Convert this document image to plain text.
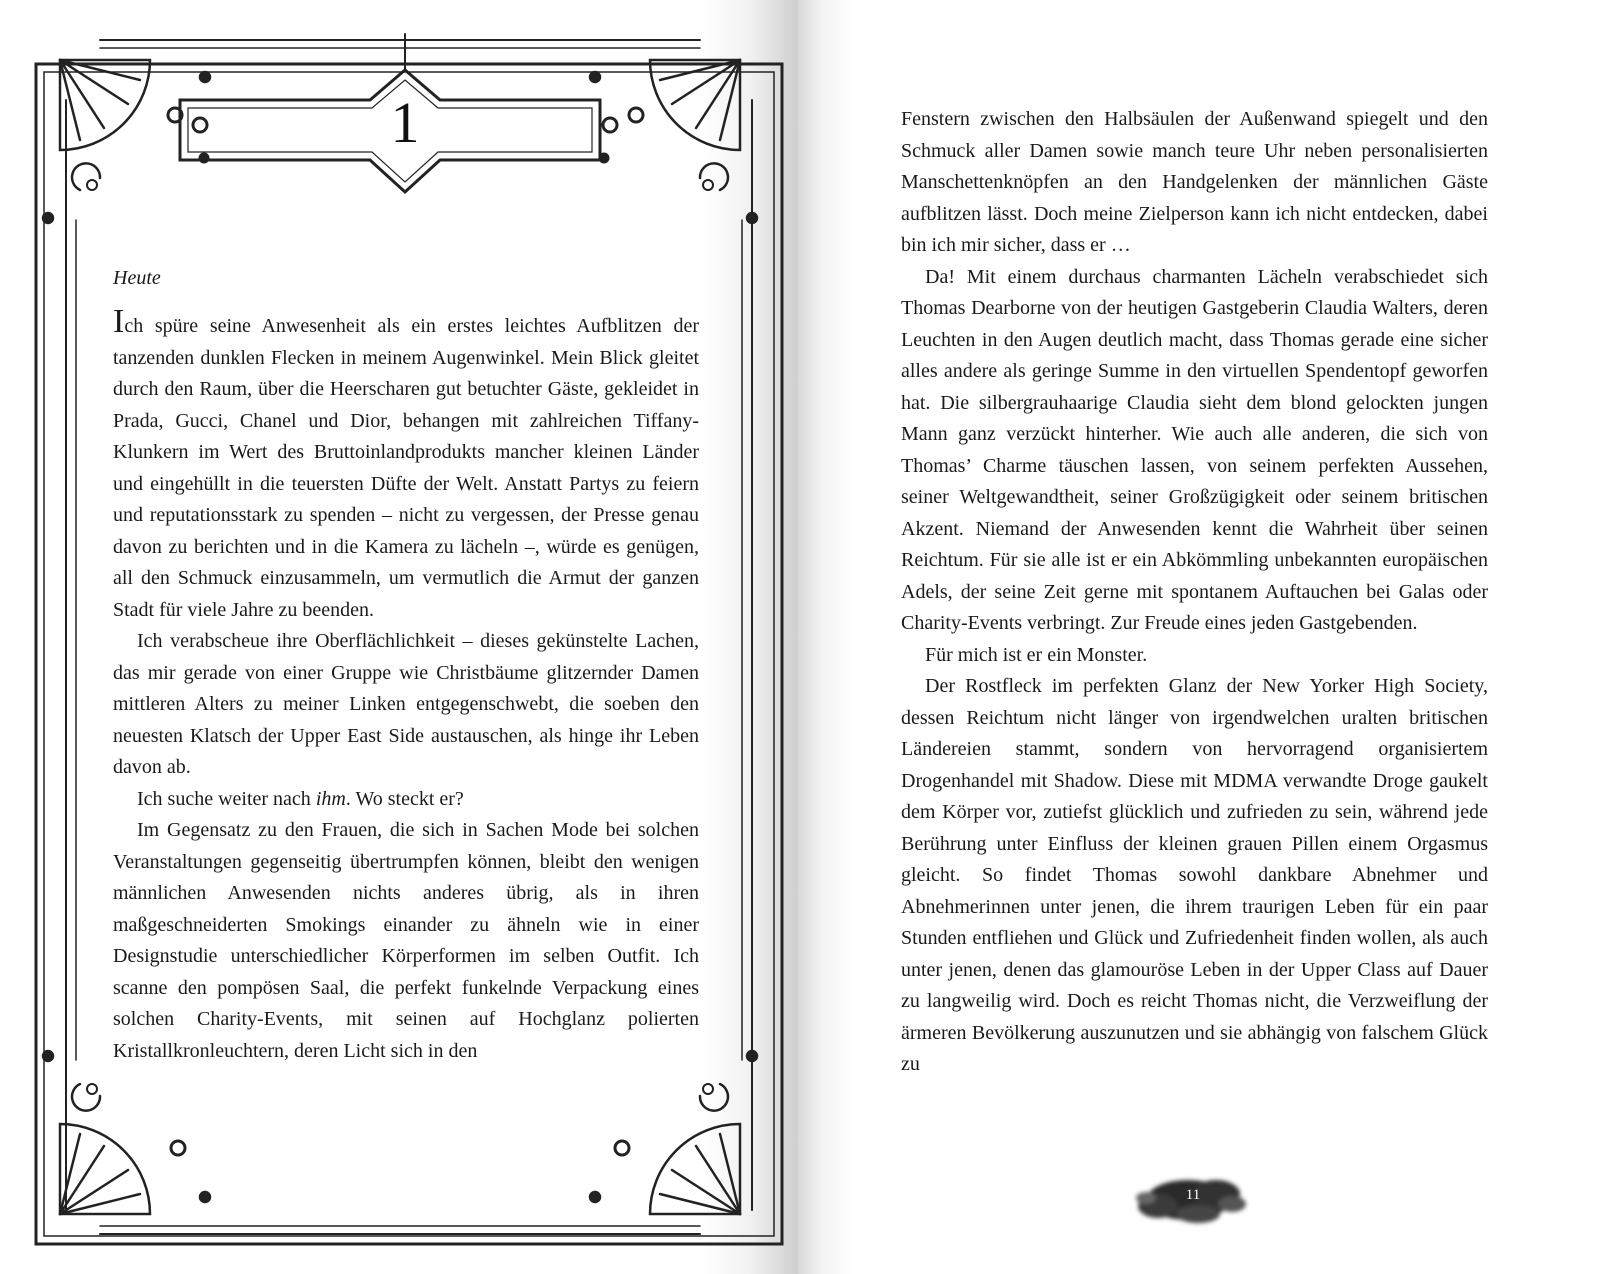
1
Heute

Ich spüre seine Anwesenheit als ein erstes leichtes Aufblitzen der tanzenden dunklen Flecken in meinem Augenwinkel. Mein Blick gleitet durch den Raum, über die Heerscharen gut betuchter Gäste, gekleidet in Prada, Gucci, Chanel und Dior, behangen mit zahlreichen Tiffany-Klunkern im Wert des Bruttoinlandprodukts mancher kleinen Länder und eingehüllt in die teuersten Düfte der Welt. Anstatt Partys zu feiern und reputationsstark zu spenden – nicht zu vergessen, der Presse genau davon zu berichten und in die Kamera zu lächeln –, würde es genügen, all den Schmuck einzusammeln, um vermutlich die Armut der ganzen Stadt für viele Jahre zu beenden.

Ich verabscheue ihre Oberflächlichkeit – dieses gekünstelte Lachen, das mir gerade von einer Gruppe wie Christbäume glitzernder Damen mittleren Alters zu meiner Linken entgegenschwebt, die soeben den neuesten Klatsch der Upper East Side austauschen, als hinge ihr Leben davon ab.

Ich suche weiter nach ihm. Wo steckt er?

Im Gegensatz zu den Frauen, die sich in Sachen Mode bei solchen Veranstaltungen gegenseitig übertrumpfen können, bleibt den wenigen männlichen Anwesenden nichts anderes übrig, als in ihren maßgeschneiderten Smokings einander zu ähneln wie in einer Designstudie unterschiedlicher Körperformen im selben Outfit. Ich scanne den pompösen Saal, die perfekt funkelnde Verpackung eines solchen Charity-Events, mit seinen auf Hochglanz polierten Kristallkronleuchtern, deren Licht sich in den

Fenstern zwischen den Halbsäulen der Außenwand spiegelt und den Schmuck aller Damen sowie manch teure Uhr neben personalisierten Manschettenknöpfen an den Handgelenken der männlichen Gäste aufblitzen lässt. Doch meine Zielperson kann ich nicht entdecken, dabei bin ich mir sicher, dass er …

Da! Mit einem durchaus charmanten Lächeln verabschiedet sich Thomas Dearborne von der heutigen Gastgeberin Claudia Walters, deren Leuchten in den Augen deutlich macht, dass Thomas gerade eine sicher alles andere als geringe Summe in den virtuellen Spendentopf geworfen hat. Die silbergrauhaarige Claudia sieht dem blond gelockten jungen Mann ganz verzückt hinterher. Wie auch alle anderen, die sich von Thomas’ Charme täuschen lassen, von seinem perfekten Aussehen, seiner Weltgewandtheit, seiner Großzügigkeit oder seinem britischen Akzent. Niemand der Anwesenden kennt die Wahrheit über seinen Reichtum. Für sie alle ist er ein Abkömmling unbekannten europäischen Adels, der seine Zeit gerne mit spontanem Auftauchen bei Galas oder Charity-Events verbringt. Zur Freude eines jeden Gastgebenden.

Für mich ist er ein Monster.

Der Rostfleck im perfekten Glanz der New Yorker High Society, dessen Reichtum nicht länger von irgendwelchen uralten britischen Ländereien stammt, sondern von hervorragend organisiertem Drogenhandel mit Shadow. Diese mit MDMA verwandte Droge gaukelt dem Körper vor, zutiefst glücklich und zufrieden zu sein, während jede Berührung unter Einfluss der kleinen grauen Pillen einem Orgasmus gleicht. So findet Thomas sowohl dankbare Abnehmer und Abnehmerinnen unter jenen, die ihrem traurigen Leben für ein paar Stunden entfliehen und Glück und Zufriedenheit finden wollen, als auch unter jenen, denen das glamouröse Leben in der Upper Class auf Dauer zu langweilig wird. Doch es reicht Thomas nicht, die Verzweiflung der ärmeren Bevölkerung auszunutzen und sie abhängig von falschem Glück zu

11
